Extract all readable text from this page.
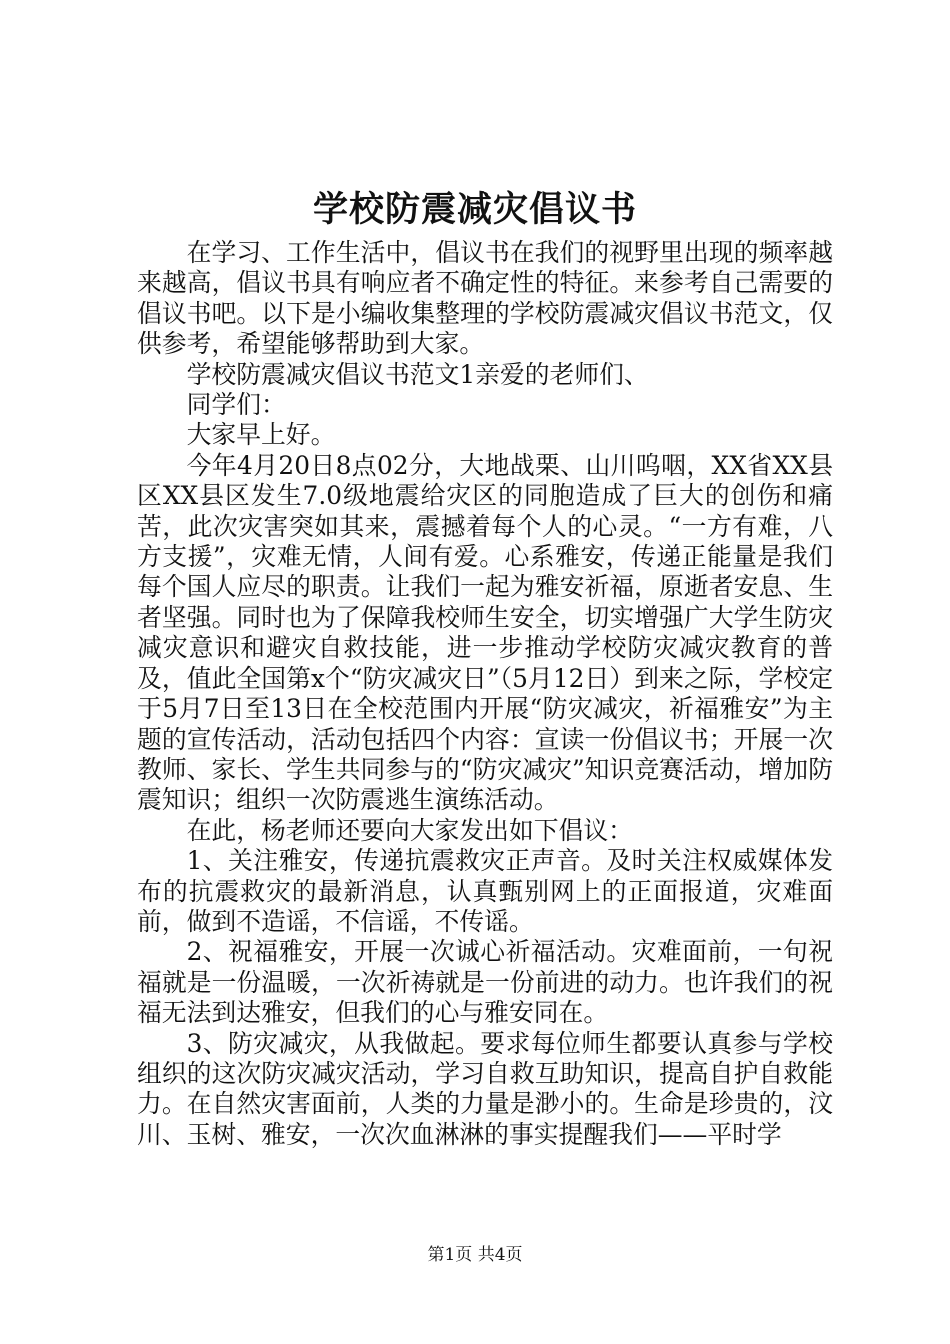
学校防震减灾倡议书

在学习、工作生活中，倡议书在我们的视野里出现的频率越来越高，倡议书具有响应者不确定性的特征。来参考自己需要的倡议书吧。以下是小编收集整理的学校防震减灾倡议书范文，仅供参考，希望能够帮助到大家。

学校防震减灾倡议书范文1亲爱的老师们、

同学们：

大家早上好。

今年4月20日8点02分，大地战栗、山川呜咽，XX省XX县区XX县区发生7.0级地震给灾区的同胞造成了巨大的创伤和痛苦，此次灾害突如其来，震撼着每个人的心灵。“一方有难，八方支援”，灾难无情，人间有爱。心系雅安，传递正能量是我们每个国人应尽的职责。让我们一起为雅安祈福，原逝者安息、生者坚强。同时也为了保障我校师生安全，切实增强广大学生防灾减灾意识和避灾自救技能，进一步推动学校防灾减灾教育的普及，值此全国第x个“防灾减灾日”（5月12日）到来之际，学校定于5月7日至13日在全校范围内开展“防灾减灾，祈福雅安”为主题的宣传活动，活动包括四个内容：宣读一份倡议书；开展一次教师、家长、学生共同参与的“防灾减灾”知识竞赛活动，增加防震知识；组织一次防震逃生演练活动。

在此，杨老师还要向大家发出如下倡议：

1、关注雅安，传递抗震救灾正声音。及时关注权威媒体发布的抗震救灾的最新消息，认真甄别网上的正面报道，灾难面前，做到不造谣，不信谣，不传谣。

2、祝福雅安，开展一次诚心祈福活动。灾难面前，一句祝福就是一份温暖，一次祈祷就是一份前进的动力。也许我们的祝福无法到达雅安，但我们的心与雅安同在。

3、防灾减灾，从我做起。要求每位师生都要认真参与学校组织的这次防灾减灾活动，学习自救互助知识，提高自护自救能力。在自然灾害面前，人类的力量是渺小的。生命是珍贵的，汶川、玉树、雅安，一次次血淋淋的事实提醒我们——平时学

第1页 共4页
